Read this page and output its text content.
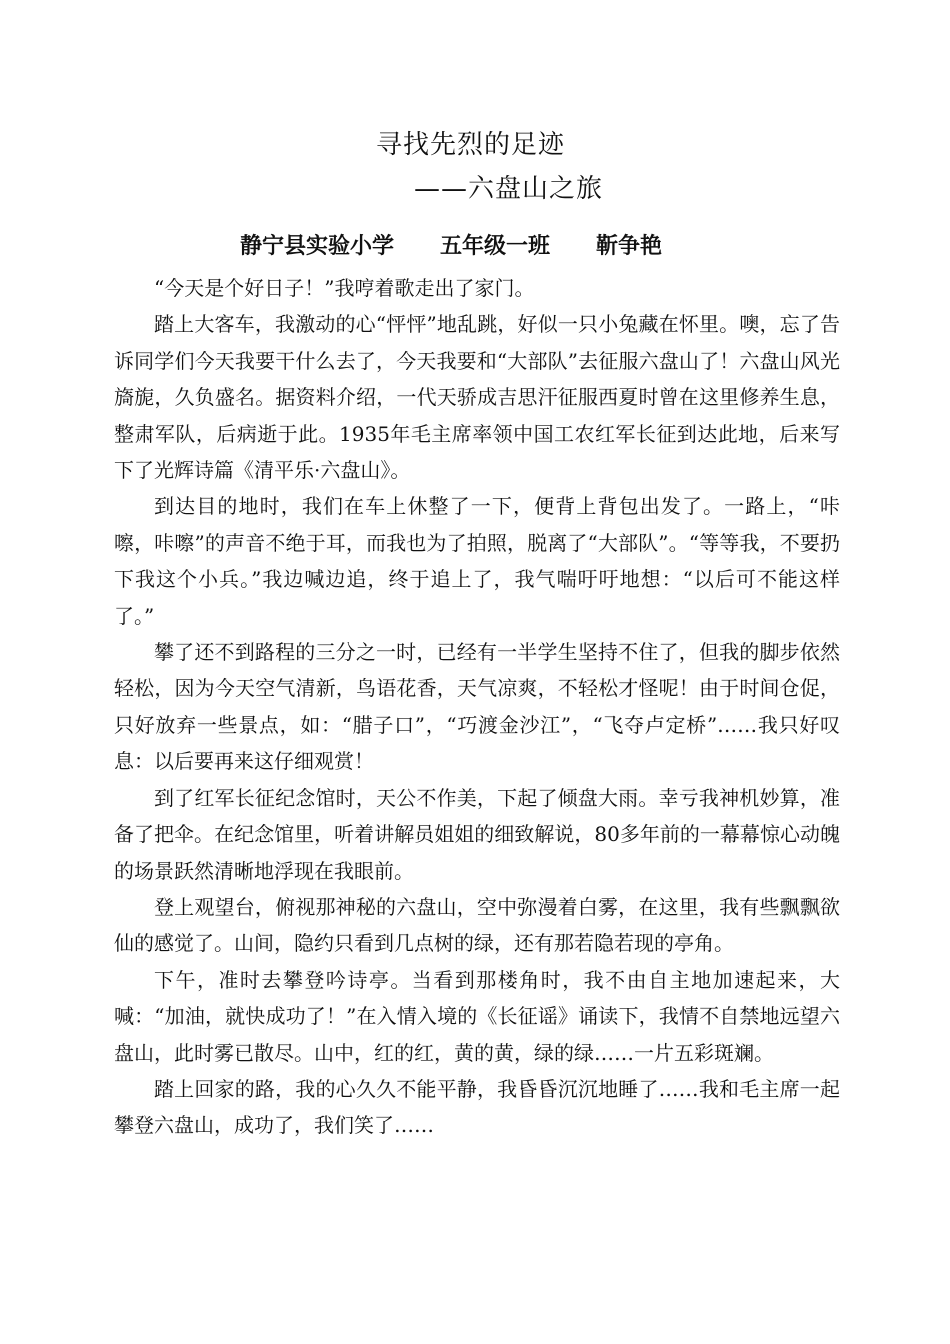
寻找先烈的足迹
——六盘山之旅
静宁县实验小学 五年级一班 靳争艳

“今天是个好日子！”我哼着歌走出了家门。

踏上大客车，我激动的心“怦怦”地乱跳，好似一只小兔藏在怀里。噢，忘了告诉同学们今天我要干什么去了，今天我要和“大部队”去征服六盘山了！六盘山风光旖旎，久负盛名。据资料介绍，一代天骄成吉思汗征服西夏时曾在这里修养生息，整肃军队，后病逝于此。1935年毛主席率领中国工农红军长征到达此地，后来写下了光辉诗篇《清平乐·六盘山》。

到达目的地时，我们在车上休整了一下，便背上背包出发了。一路上，“咔嚓，咔嚓”的声音不绝于耳，而我也为了拍照，脱离了“大部队”。“等等我，不要扔下我这个小兵。”我边喊边追，终于追上了，我气喘吁吁地想：“以后可不能这样了。”

攀了还不到路程的三分之一时，已经有一半学生坚持不住了，但我的脚步依然轻松，因为今天空气清新，鸟语花香，天气凉爽，不轻松才怪呢！由于时间仓促，只好放弃一些景点，如：“腊子口”，“巧渡金沙江”，“飞夺卢定桥”……我只好叹息：以后要再来这仔细观赏！

到了红军长征纪念馆时，天公不作美，下起了倾盘大雨。幸亏我神机妙算，准备了把伞。在纪念馆里，听着讲解员姐姐的细致解说，80多年前的一幕幕惊心动魄的场景跃然清晰地浮现在我眼前。

登上观望台，俯视那神秘的六盘山，空中弥漫着白雾，在这里，我有些飘飘欲仙的感觉了。山间，隐约只看到几点树的绿，还有那若隐若现的亭角。

下午，准时去攀登吟诗亭。当看到那楼角时，我不由自主地加速起来，大喊：“加油，就快成功了！”在入情入境的《长征谣》诵读下，我情不自禁地远望六盘山，此时雾已散尽。山中，红的红，黄的黄，绿的绿……一片五彩斑斓。

踏上回家的路，我的心久久不能平静，我昏昏沉沉地睡了……我和毛主席一起攀登六盘山，成功了，我们笑了……
